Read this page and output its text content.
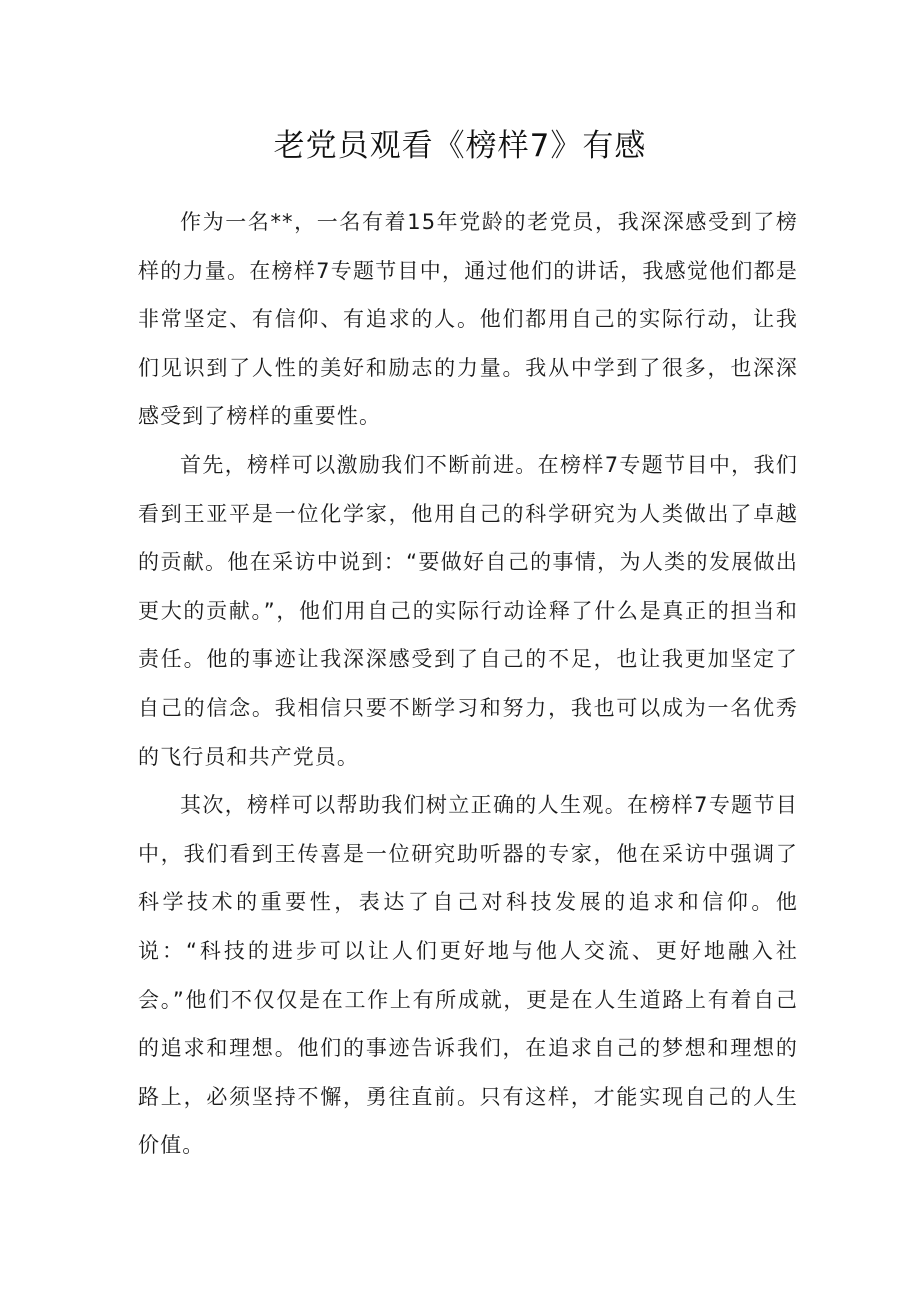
老党员观看《榜样7》有感

作为一名**，一名有着15年党龄的老党员，我深深感受到了榜样的力量。在榜样7专题节目中，通过他们的讲话，我感觉他们都是非常坚定、有信仰、有追求的人。他们都用自己的实际行动，让我们见识到了人性的美好和励志的力量。我从中学到了很多，也深深感受到了榜样的重要性。

首先，榜样可以激励我们不断前进。在榜样7专题节目中，我们看到王亚平是一位化学家，他用自己的科学研究为人类做出了卓越的贡献。他在采访中说到：“要做好自己的事情，为人类的发展做出更大的贡献。”，他们用自己的实际行动诠释了什么是真正的担当和责任。他的事迹让我深深感受到了自己的不足，也让我更加坚定了自己的信念。我相信只要不断学习和努力，我也可以成为一名优秀的飞行员和共产党员。

其次，榜样可以帮助我们树立正确的人生观。在榜样7专题节目中，我们看到王传喜是一位研究助听器的专家，他在采访中强调了科学技术的重要性，表达了自己对科技发展的追求和信仰。他说：“科技的进步可以让人们更好地与他人交流、更好地融入社会。”他们不仅仅是在工作上有所成就，更是在人生道路上有着自己的追求和理想。他们的事迹告诉我们，在追求自己的梦想和理想的路上，必须坚持不懈，勇往直前。只有这样，才能实现自己的人生价值。
